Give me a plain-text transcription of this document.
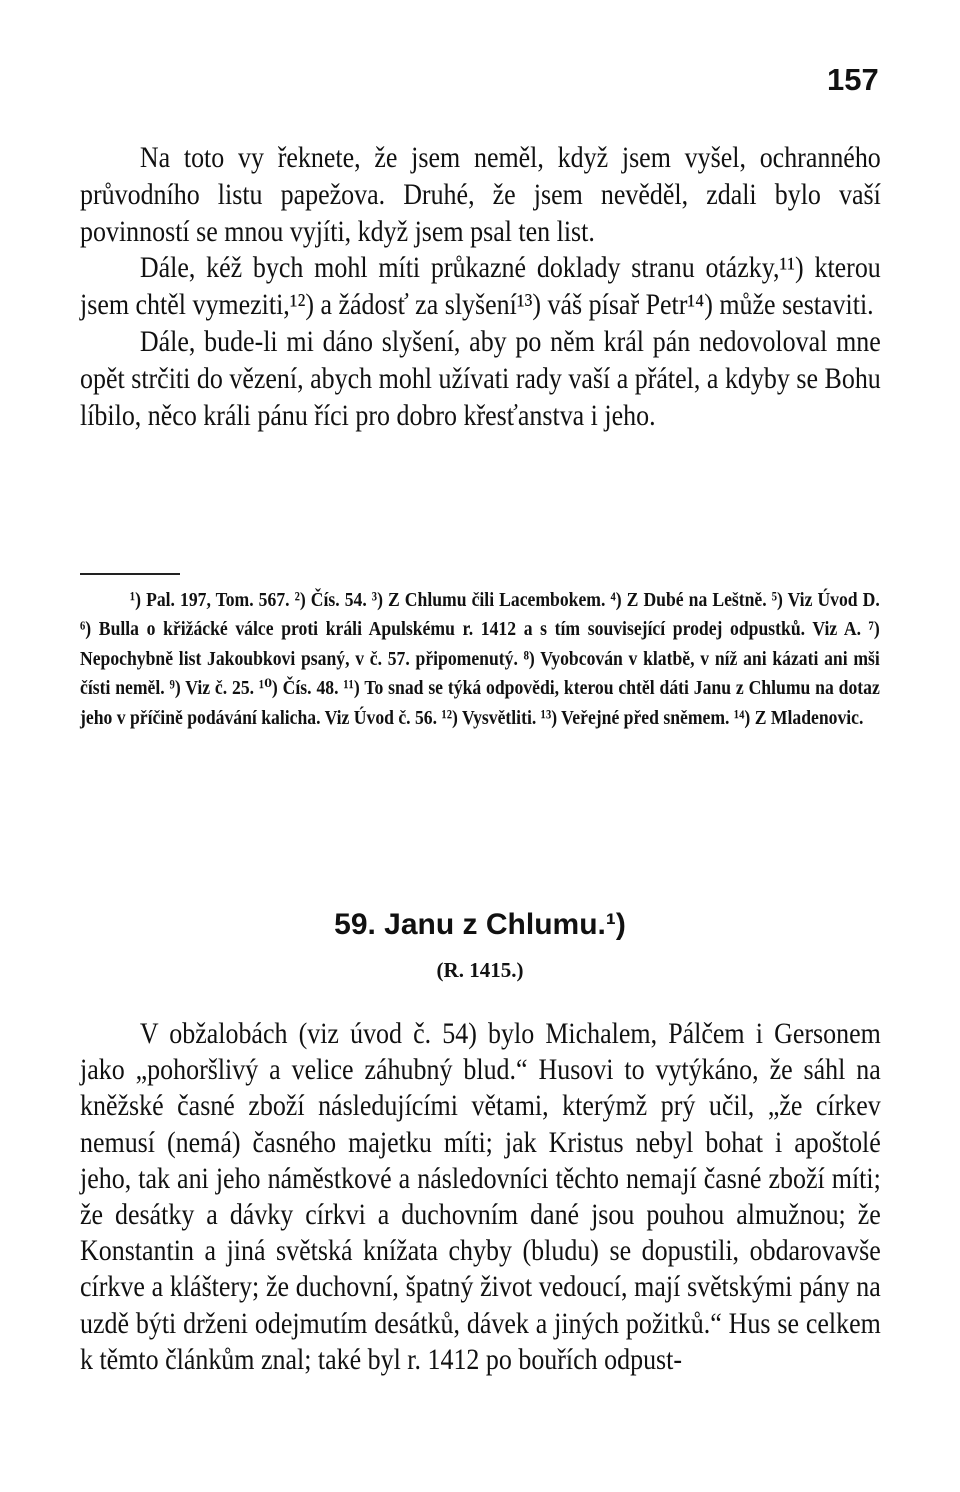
157

Na toto vy řeknete, že jsem neměl, když jsem vyšel, ochranného průvodního listu papežova. Druhé, že jsem nevěděl, zdali bylo vaší povinností se mnou vyjíti, když jsem psal ten list.

Dále, kéž bych mohl míti průkazné doklady stranu otázky,¹¹) kterou jsem chtěl vymeziti,¹²) a žádosť za slyšení¹³) váš písař Petr¹⁴) může sestaviti.

Dále, bude-li mi dáno slyšení, aby po něm král pán nedovoloval mne opět strčiti do vězení, abych mohl užívati rady vaší a přátel, a kdyby se Bohu líbilo, něco králi pánu říci pro dobro křesťanstva i jeho.

¹) Pal. 197, Tom. 567. ²) Čís. 54. ³) Z Chlumu čili Lacembokem. ⁴) Z Dubé na Leštně. ⁵) Viz Úvod D. ⁶) Bulla o křižácké válce proti králi Apulskému r. 1412 a s tím související prodej odpustků. Viz A. ⁷) Nepochybně list Jakoubkovi psaný, v č. 57. připomenutý. ⁸) Vyobcován v klatbě, v níž ani kázati ani mši čísti neměl. ⁹) Viz č. 25. ¹⁰) Čís. 48. ¹¹) To snad se týká odpovědi, kterou chtěl dáti Janu z Chlumu na dotaz jeho v příčině podávání kalicha. Viz Úvod č. 56. ¹²) Vysvětliti. ¹³) Veřejné před sněmem. ¹⁴) Z Mladenovic.

59. Janu z Chlumu.¹)
(R. 1415.)

V obžalobách (viz úvod č. 54) bylo Michalem, Pálčem i Gersonem jako „pohoršlivý a velice záhubný blud.“ Husovi to vytýkáno, že sáhl na kněžské časné zboží následujícími větami, kterýmž prý učil, „že církev nemusí (nemá) časného majetku míti; jak Kristus nebyl bohat i apoštolé jeho, tak ani jeho náměstkové a následovníci těchto nemají časné zboží míti; že desátky a dávky církvi a duchovním dané jsou pouhou almužnou; že Konstantin a jiná světská knížata chyby (bludu) se dopustili, obdarovavše církve a kláštery; že duchovní, špatný život vedoucí, mají světskými pány na uzdě býti drženi odejmutím desátků, dávek a jiných požitků.“ Hus se celkem k těmto článkům znal; také byl r. 1412 po bouřích odpust-
